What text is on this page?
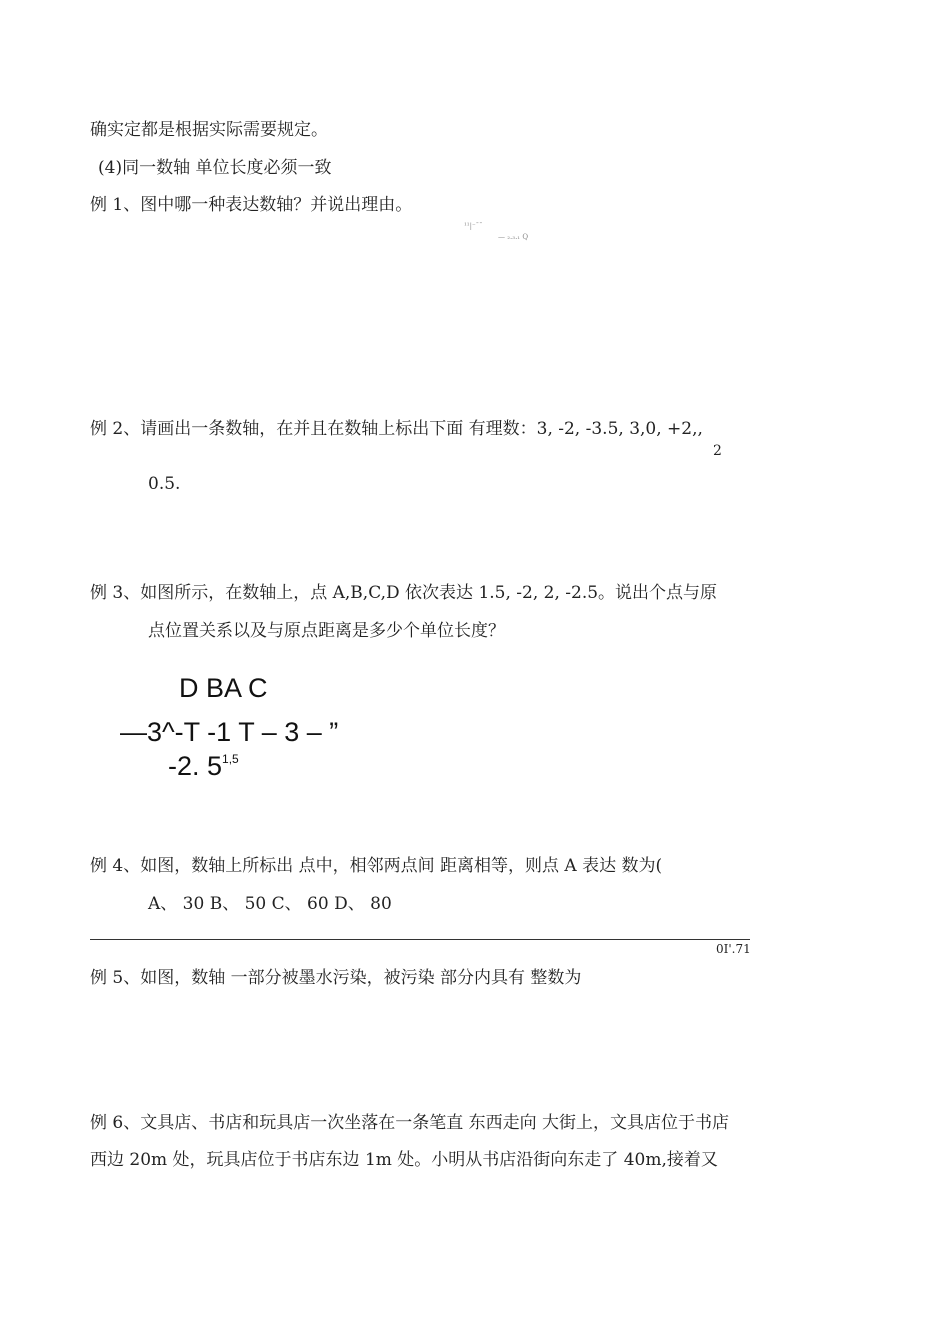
确实定都是根据实际需要规定。
(4)同一数轴 单位长度必须一致
例 1、图中哪一种表达数轴？并说出理由。
¹¹|⁻¯¯
— ₂.₃.₁ Q
例 2、请画出一条数轴，在并且在数轴上标出下面 有理数：3, -2, -3.5, 3,0, +2,,
2
0.5.
例 3、如图所示，在数轴上，点 A,B,C,D 依次表达 1.5, -2, 2, -2.5。说出个点与原
点位置关系以及与原点距离是多少个单位长度？
D BA C
—3^-T -1 T – 3 – ”
-2. 5$^{1,5}$
例 4、如图，数轴上所标出 点中，相邻两点间 距离相等，则点 A 表达 数为(
A、 30 B、 50 C、 60 D、 80
0I'.71
例 5、如图，数轴 一部分被墨水污染，被污染 部分内具有 整数为
例 6、文具店、书店和玩具店一次坐落在一条笔直 东西走向 大街上，文具店位于书店
西边 20m 处，玩具店位于书店东边 1m 处。小明从书店沿街向东走了 40m,接着又
